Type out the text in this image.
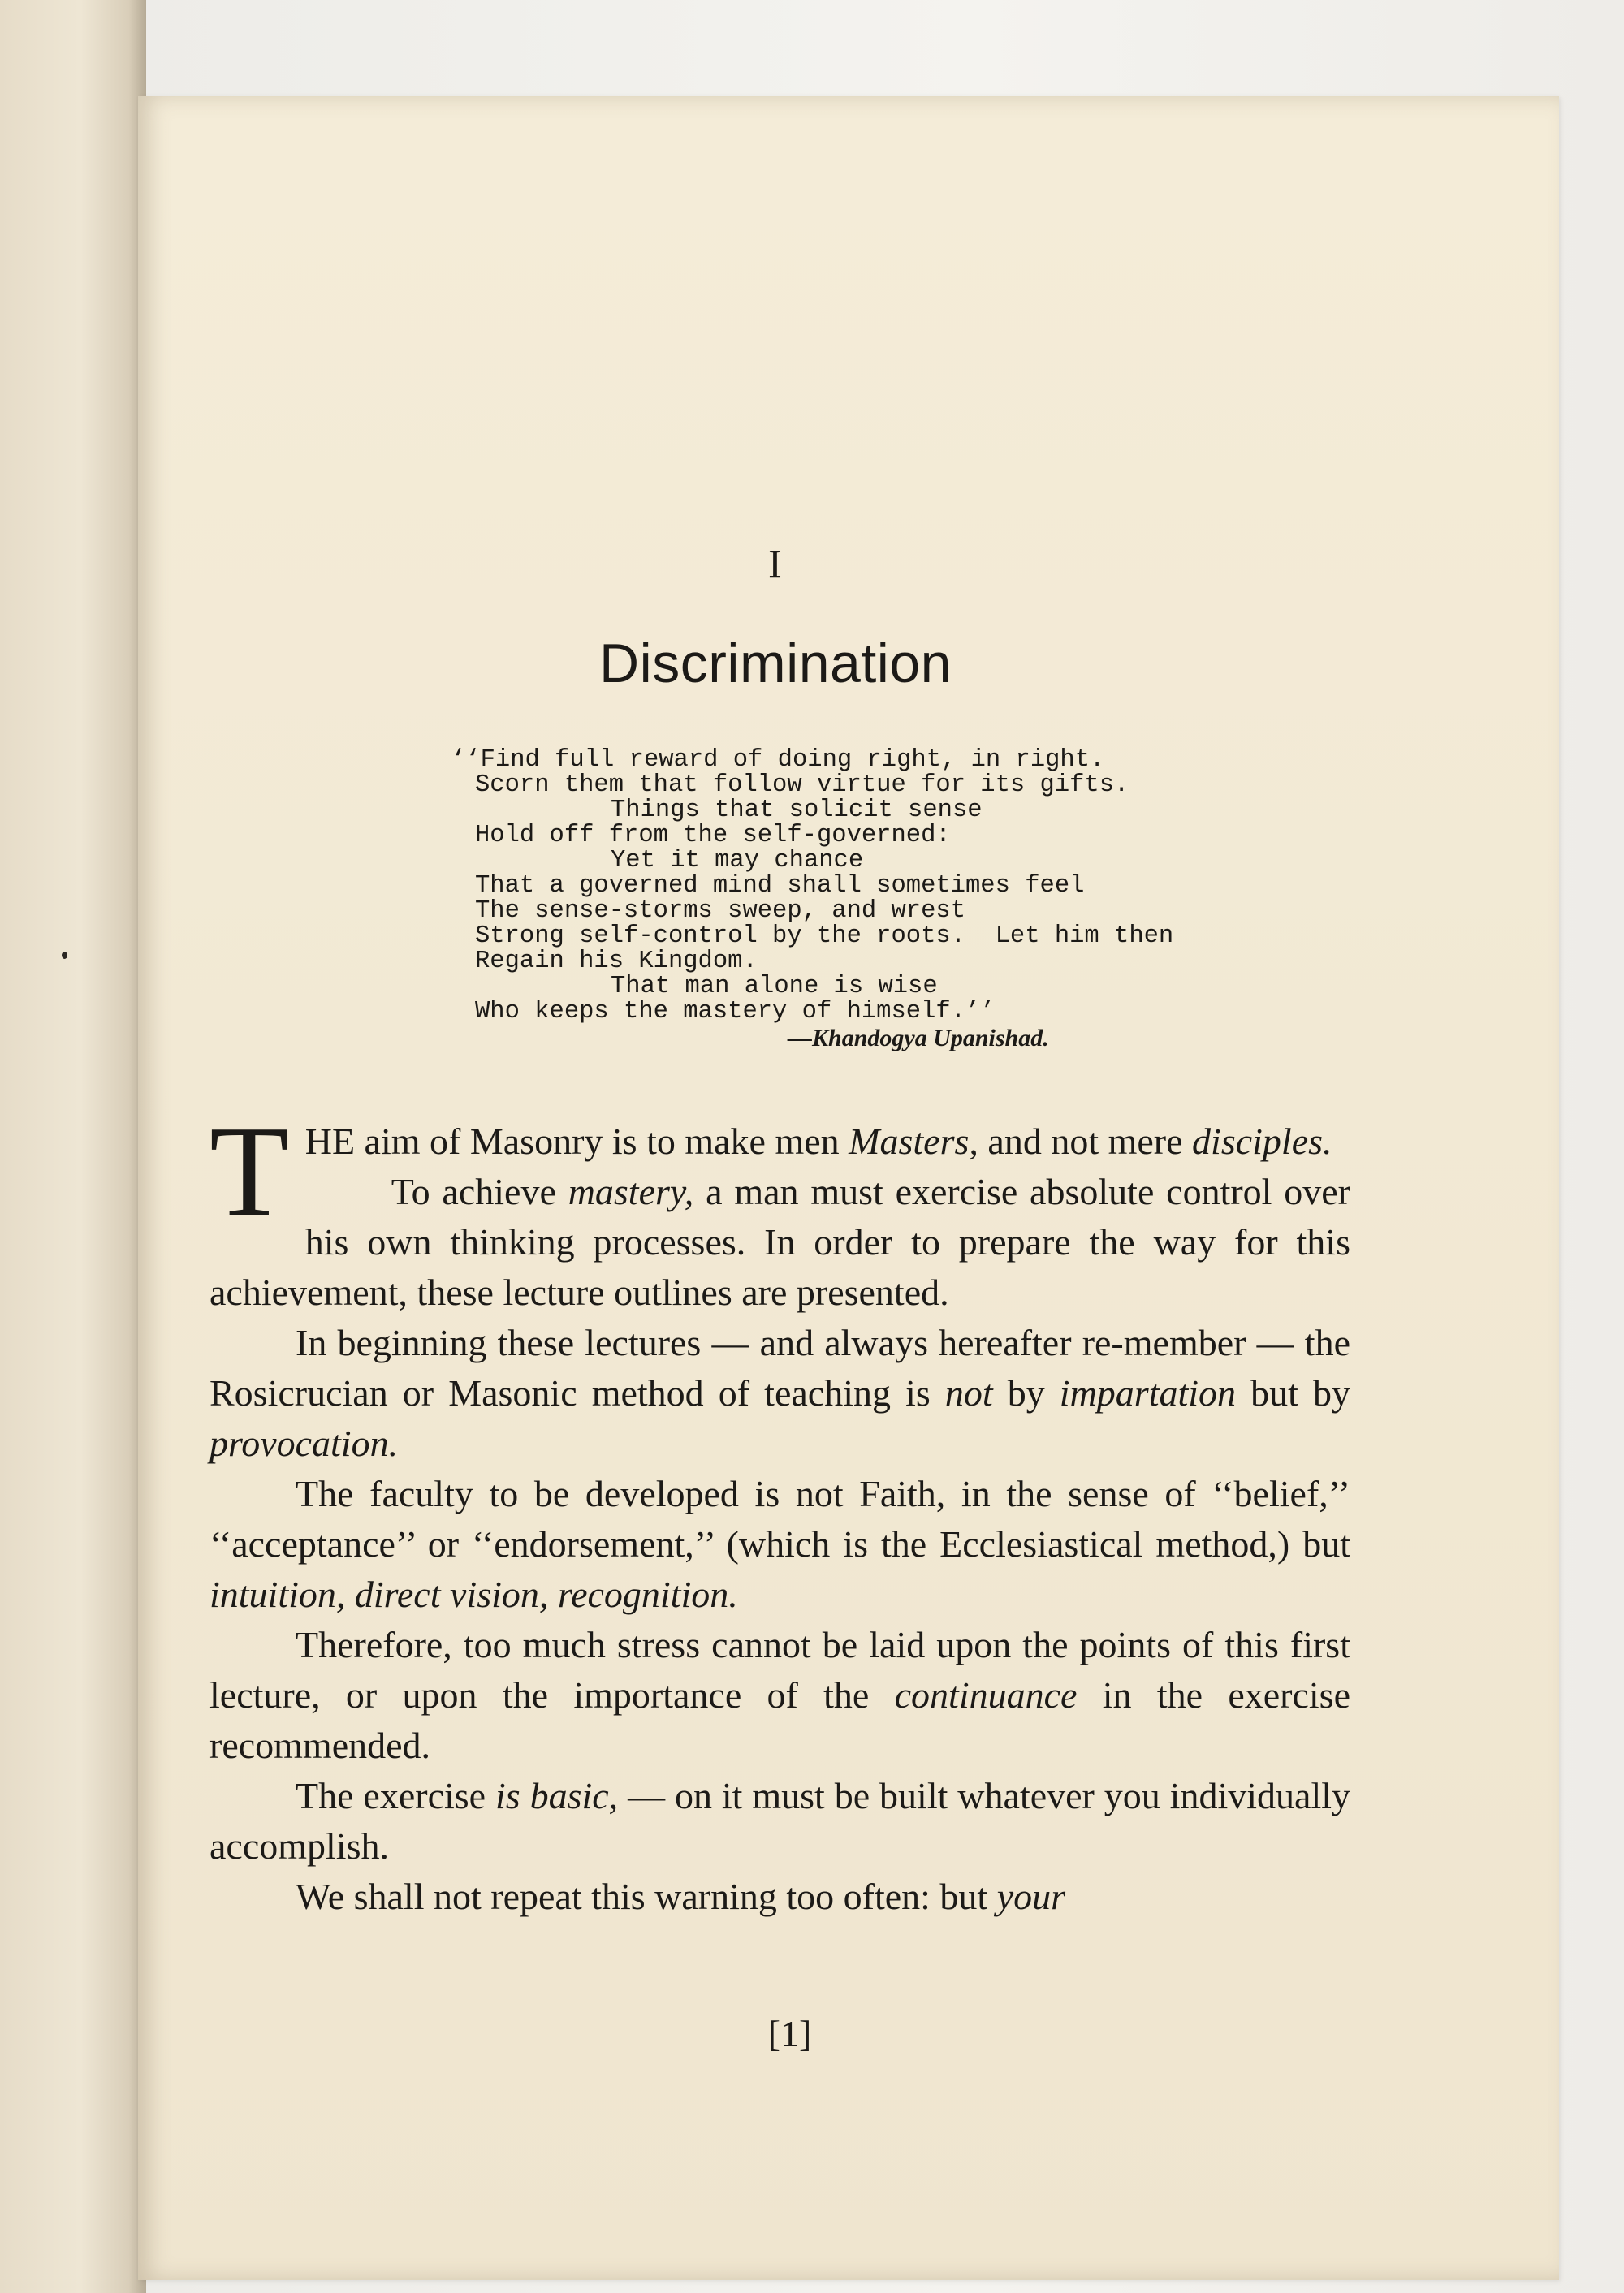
I
Discrimination
‘‘Find full reward of doing right, in right.
Scorn them that follow virtue for its gifts.
Things that solicit sense
Hold off from the self-governed:
Yet it may chance
That a governed mind shall sometimes feel
The sense-storms sweep, and wrest
Strong self-control by the roots.  Let him then
Regain his Kingdom.
That man alone is wise
Who keeps the mastery of himself.’’
—Khandogya Upanishad.

THE aim of Masonry is to make men Masters, and not mere disciples.

To achieve mastery, a man must exercise absolute control over his own thinking processes. In order to prepare the way for this achievement, these lecture outlines are presented.

In beginning these lectures — and always hereafter re-member — the Rosicrucian or Masonic method of teaching is not by impartation but by provocation.

The faculty to be developed is not Faith, in the sense of ‘‘belief,’’ ‘‘acceptance’’ or ‘‘endorsement,’’ (which is the Ecclesiastical method,) but intuition, direct vision, recognition.

Therefore, too much stress cannot be laid upon the points of this first lecture, or upon the importance of the continuance in the exercise recommended.

The exercise is basic, — on it must be built whatever you individually accomplish.

We shall not repeat this warning too often: but your

[1]
